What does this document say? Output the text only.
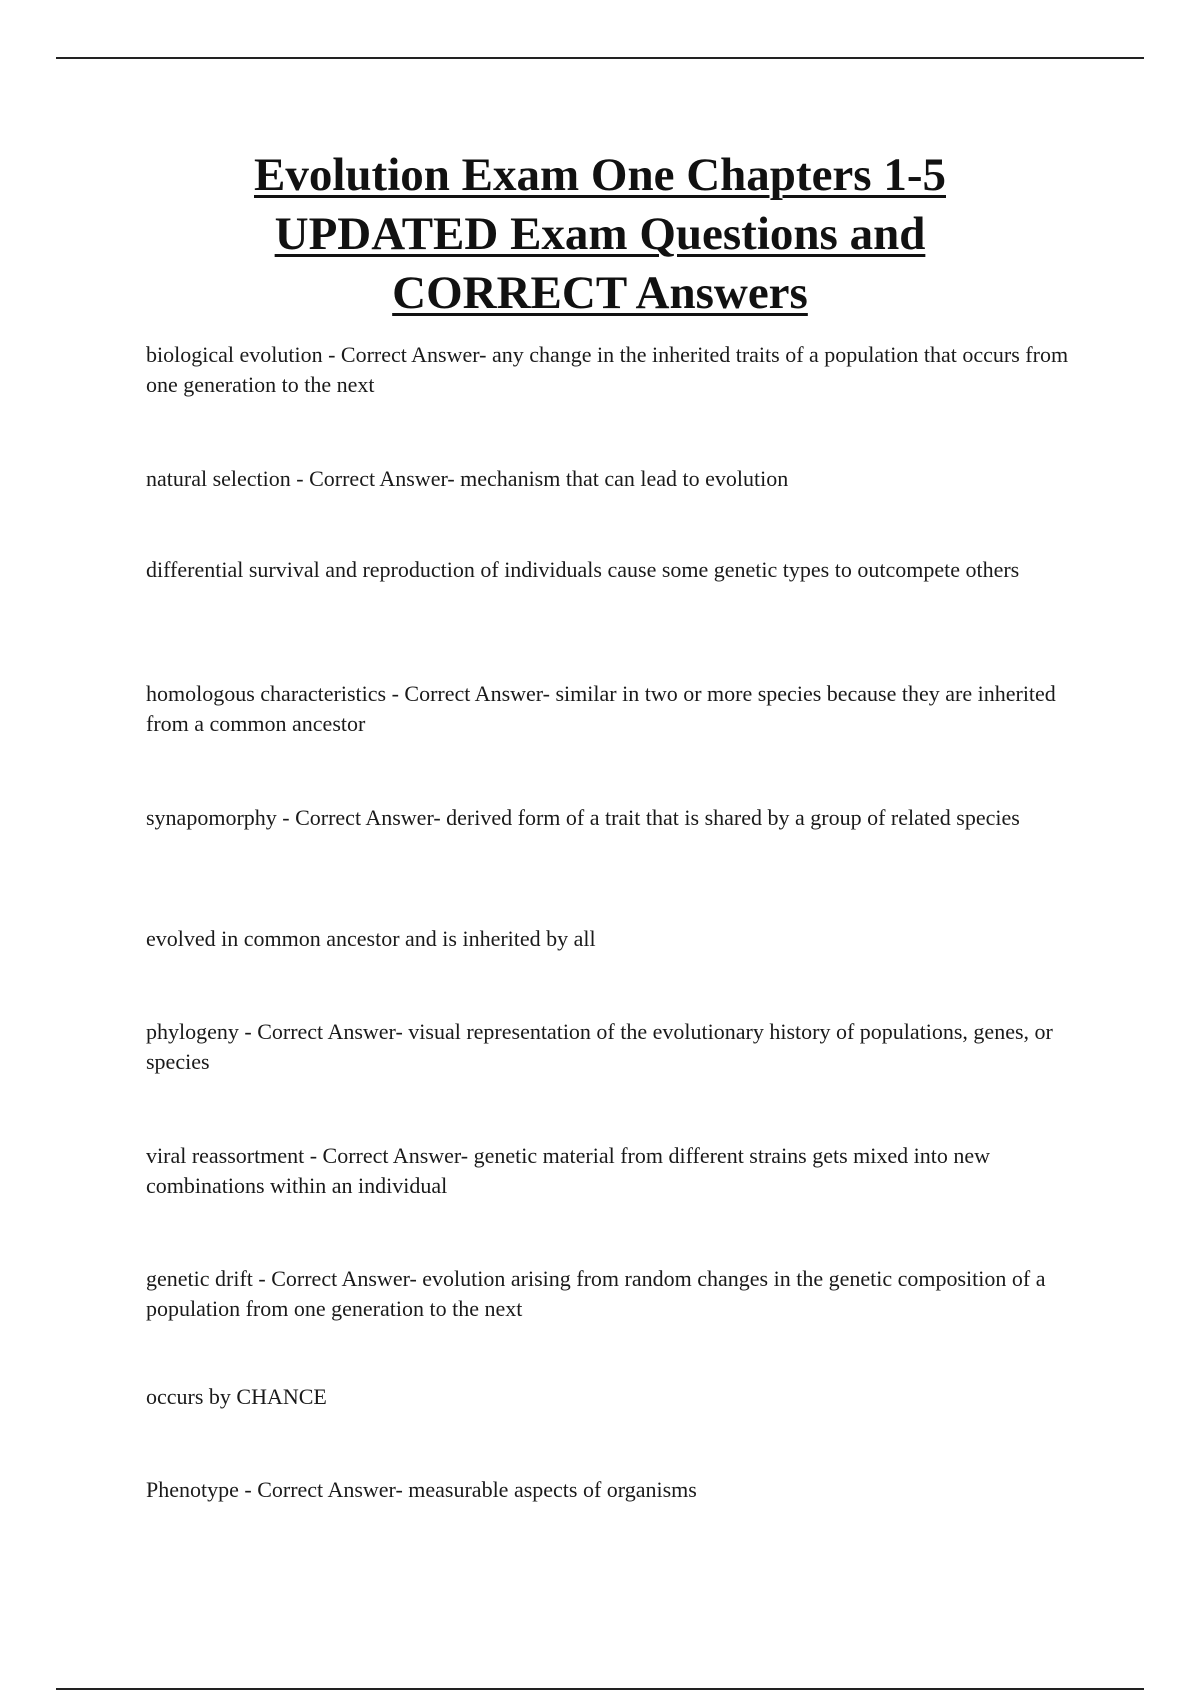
Evolution Exam One Chapters 1-5
UPDATED Exam Questions and
CORRECT Answers

biological evolution - Correct Answer- any change in the inherited traits of a population that occurs from one generation to the next

natural selection - Correct Answer- mechanism that can lead to evolution

differential survival and reproduction of individuals cause some genetic types to outcompete others

homologous characteristics - Correct Answer- similar in two or more species because they are inherited from a common ancestor

synapomorphy - Correct Answer- derived form of a trait that is shared by a group of related species

evolved in common ancestor and is inherited by all

phylogeny - Correct Answer- visual representation of the evolutionary history of populations, genes, or species

viral reassortment - Correct Answer- genetic material from different strains gets mixed into new combinations within an individual

genetic drift - Correct Answer- evolution arising from random changes in the genetic composition of a population from one generation to the next

occurs by CHANCE

Phenotype - Correct Answer- measurable aspects of organisms
